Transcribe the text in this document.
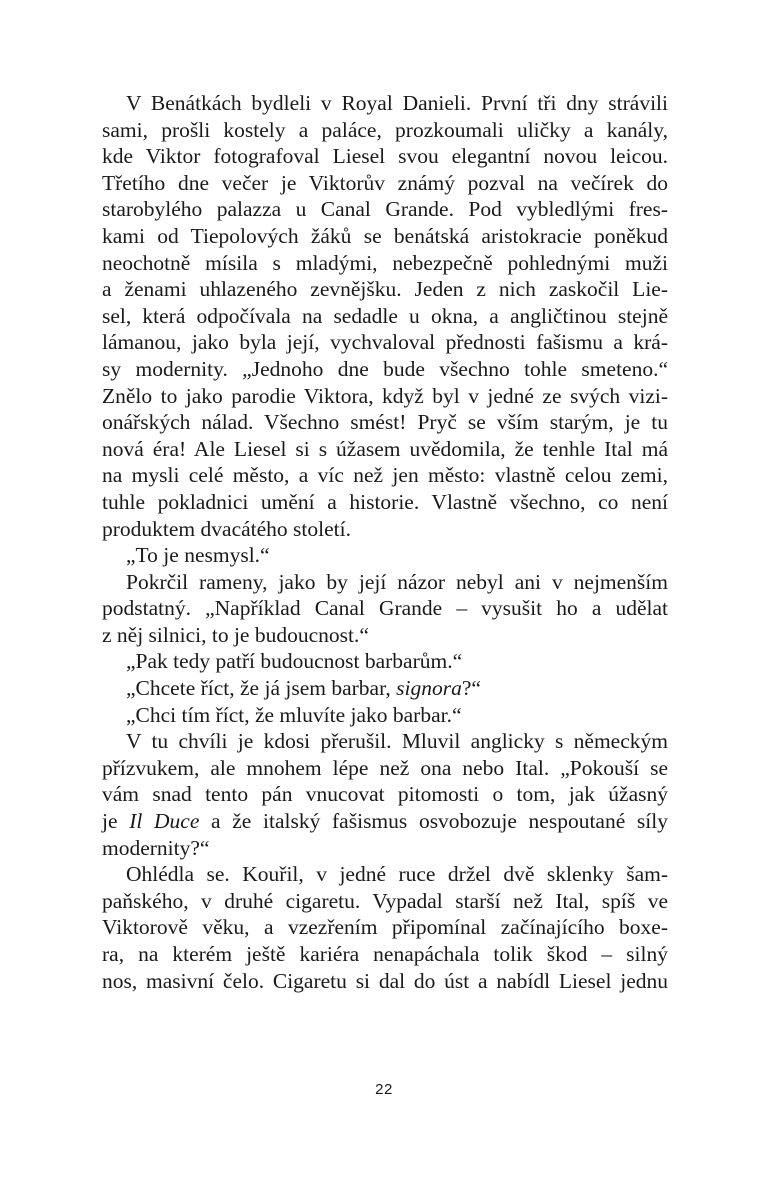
V Benátkách bydleli v Royal Danieli. První tři dny strávili
sami, prošli kostely a paláce, prozkoumali uličky a kanály,
kde Viktor fotografoval Liesel svou elegantní novou leicou.
Třetího dne večer je Viktorův známý pozval na večírek do
starobylého palazza u Canal Grande. Pod vybledlými fres-
kami od Tiepolových žáků se benátská aristokracie poněkud
neochotně mísila s mladými, nebezpečně pohlednými muži
a ženami uhlazeného zevnějšku. Jeden z nich zaskočil Lie-
sel, která odpočívala na sedadle u okna, a angličtinou stejně
lámanou, jako byla její, vychvaloval přednosti fašismu a krá-
sy modernity. „Jednoho dne bude všechno tohle smeteno.“
Znělo to jako parodie Viktora, když byl v jedné ze svých vizi-
onářských nálad. Všechno smést! Pryč se vším starým, je tu
nová éra! Ale Liesel si s úžasem uvědomila, že tenhle Ital má
na mysli celé město, a víc než jen město: vlastně celou zemi,
tuhle pokladnici umění a historie. Vlastně všechno, co není
produktem dvacátého století.
„To je nesmysl.“
Pokrčil rameny, jako by její názor nebyl ani v nejmenším
podstatný. „Například Canal Grande – vysušit ho a udělat
z něj silnici, to je budoucnost.“
„Pak tedy patří budoucnost barbarům.“
„Chcete říct, že já jsem barbar, signora?“
„Chci tím říct, že mluvíte jako barbar.“
V tu chvíli je kdosi přerušil. Mluvil anglicky s německým
přízvukem, ale mnohem lépe než ona nebo Ital. „Pokouší se
vám snad tento pán vnucovat pitomosti o tom, jak úžasný
je Il Duce a že italský fašismus osvobozuje nespoutané síly
modernity?“
Ohlédla se. Kouřil, v jedné ruce držel dvě sklenky šam-
paňského, v druhé cigaretu. Vypadal starší než Ital, spíš ve
Viktorově věku, a vzezřením připomínal začínajícího boxe-
ra, na kterém ještě kariéra nenapáchala tolik škod – silný
nos, masivní čelo. Cigaretu si dal do úst a nabídl Liesel jednu
22
